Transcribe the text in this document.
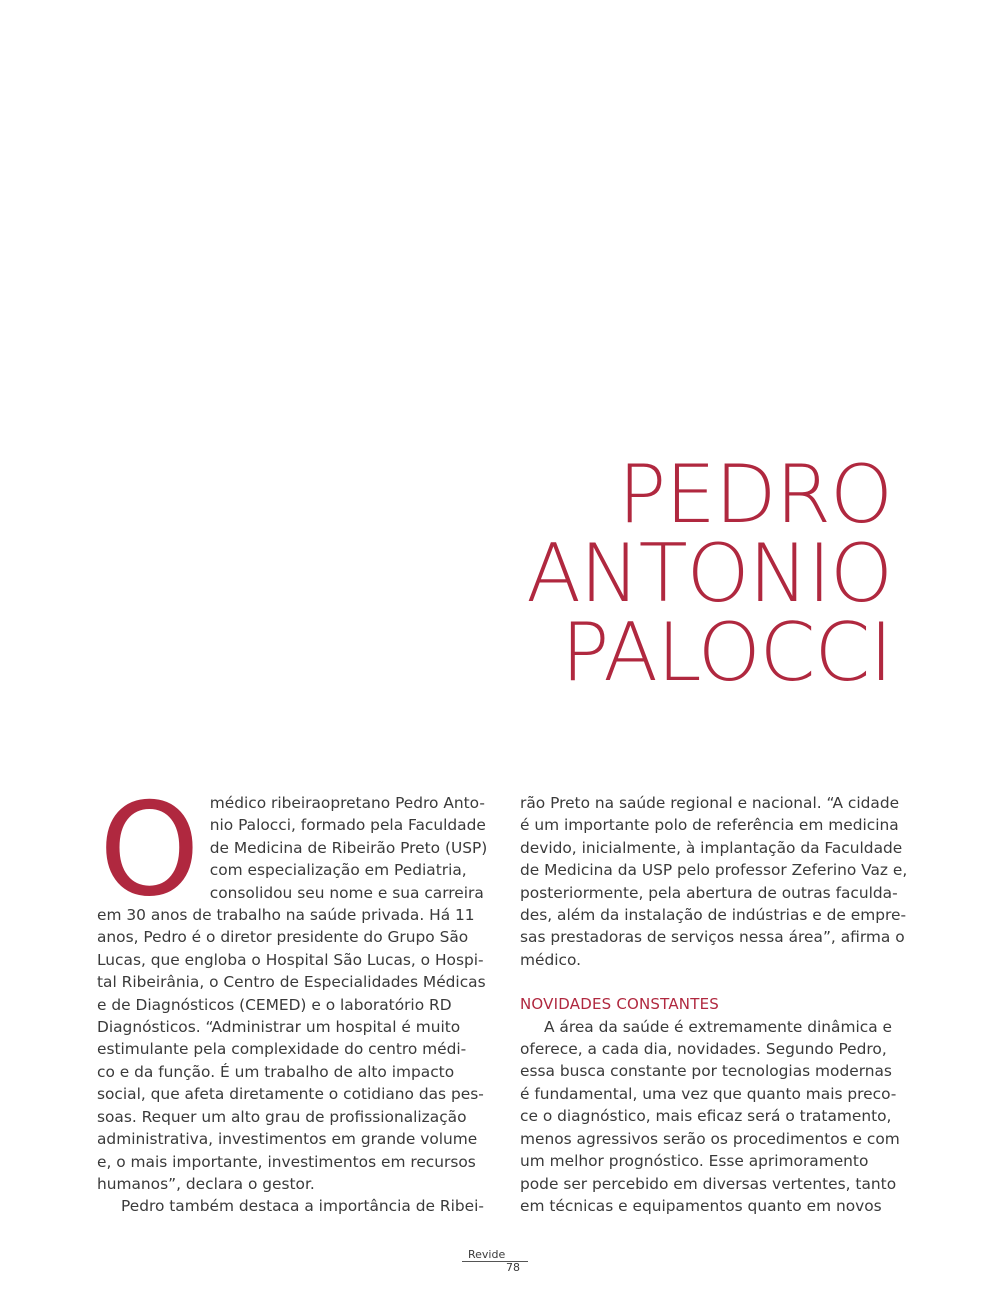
PEDRO
ANTONIO
PALOCCI
O médico ribeiraopretano Pedro Anto-
nio Palocci, formado pela Faculdade
de Medicina de Ribeirão Preto (USP)
com especialização em Pediatria,
consolidou seu nome e sua carreira
em 30 anos de trabalho na saúde privada. Há 11
anos, Pedro é o diretor presidente do Grupo São
Lucas, que engloba o Hospital São Lucas, o Hospi-
tal Ribeirânia, o Centro de Especialidades Médicas
e de Diagnósticos (CEMED) e o laboratório RD
Diagnósticos. “Administrar um hospital é muito
estimulante pela complexidade do centro médi-
co e da função. É um trabalho de alto impacto
social, que afeta diretamente o cotidiano das pes-
soas. Requer um alto grau de profissionalização
administrativa, investimentos em grande volume
e, o mais importante, investimentos em recursos
humanos”, declara o gestor.

Pedro também destaca a importância de Ribei-

rão Preto na saúde regional e nacional. “A cidade
é um importante polo de referência em medicina
devido, inicialmente, à implantação da Faculdade
de Medicina da USP pelo professor Zeferino Vaz e,
posteriormente, pela abertura de outras faculda-
des, além da instalação de indústrias e de empre-
sas prestadoras de serviços nessa área”, afirma o
médico.

NOVIDADES CONSTANTES

A área da saúde é extremamente dinâmica e
oferece, a cada dia, novidades. Segundo Pedro,
essa busca constante por tecnologias modernas
é fundamental, uma vez que quanto mais preco-
ce o diagnóstico, mais eficaz será o tratamento,
menos agressivos serão os procedimentos e com
um melhor prognóstico. Esse aprimoramento
pode ser percebido em diversas vertentes, tanto
em técnicas e equipamentos quanto em novos
Revide
78
